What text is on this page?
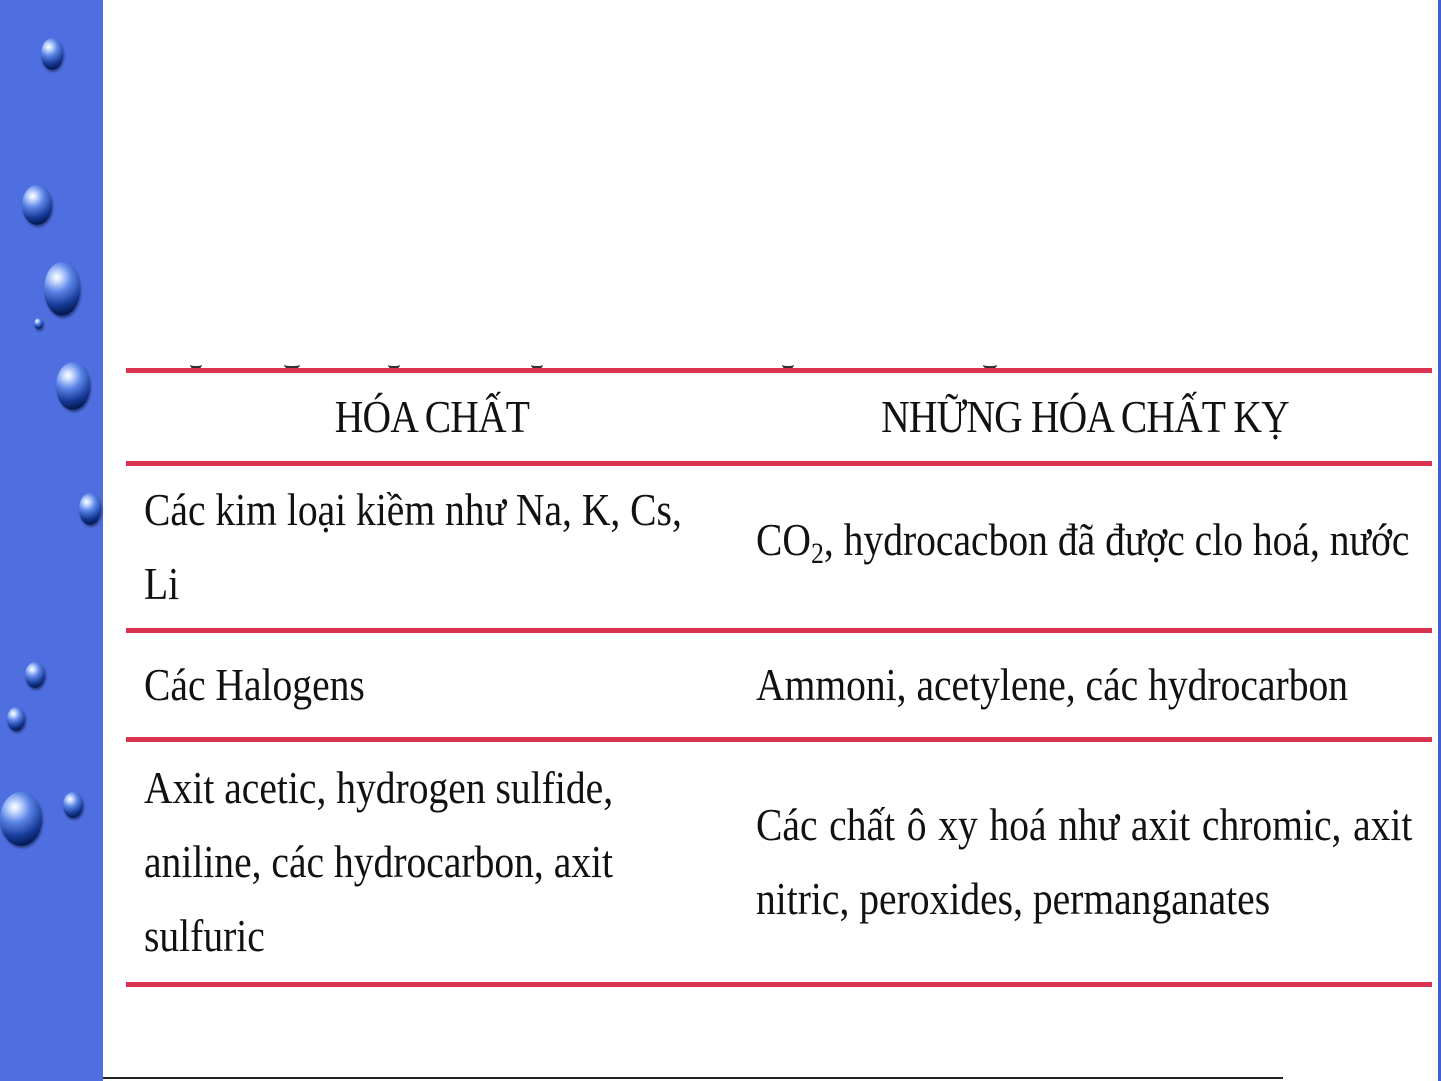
HÓA CHẤT	NHỮNG HÓA CHẤT KỴ
Các kim loại kiềm như Na, K, Cs, Li	$CO_2$, hydrocacbon đã được clo hoá, nước
Các Halogens	Ammoni, acetylene, các hydrocarbon
Axit acetic, hydrogen sulfide, aniline, các hydrocarbon, axit sulfuric	Các chất ô xy hoá như axit chromic, axit nitric, peroxides, permanganates
